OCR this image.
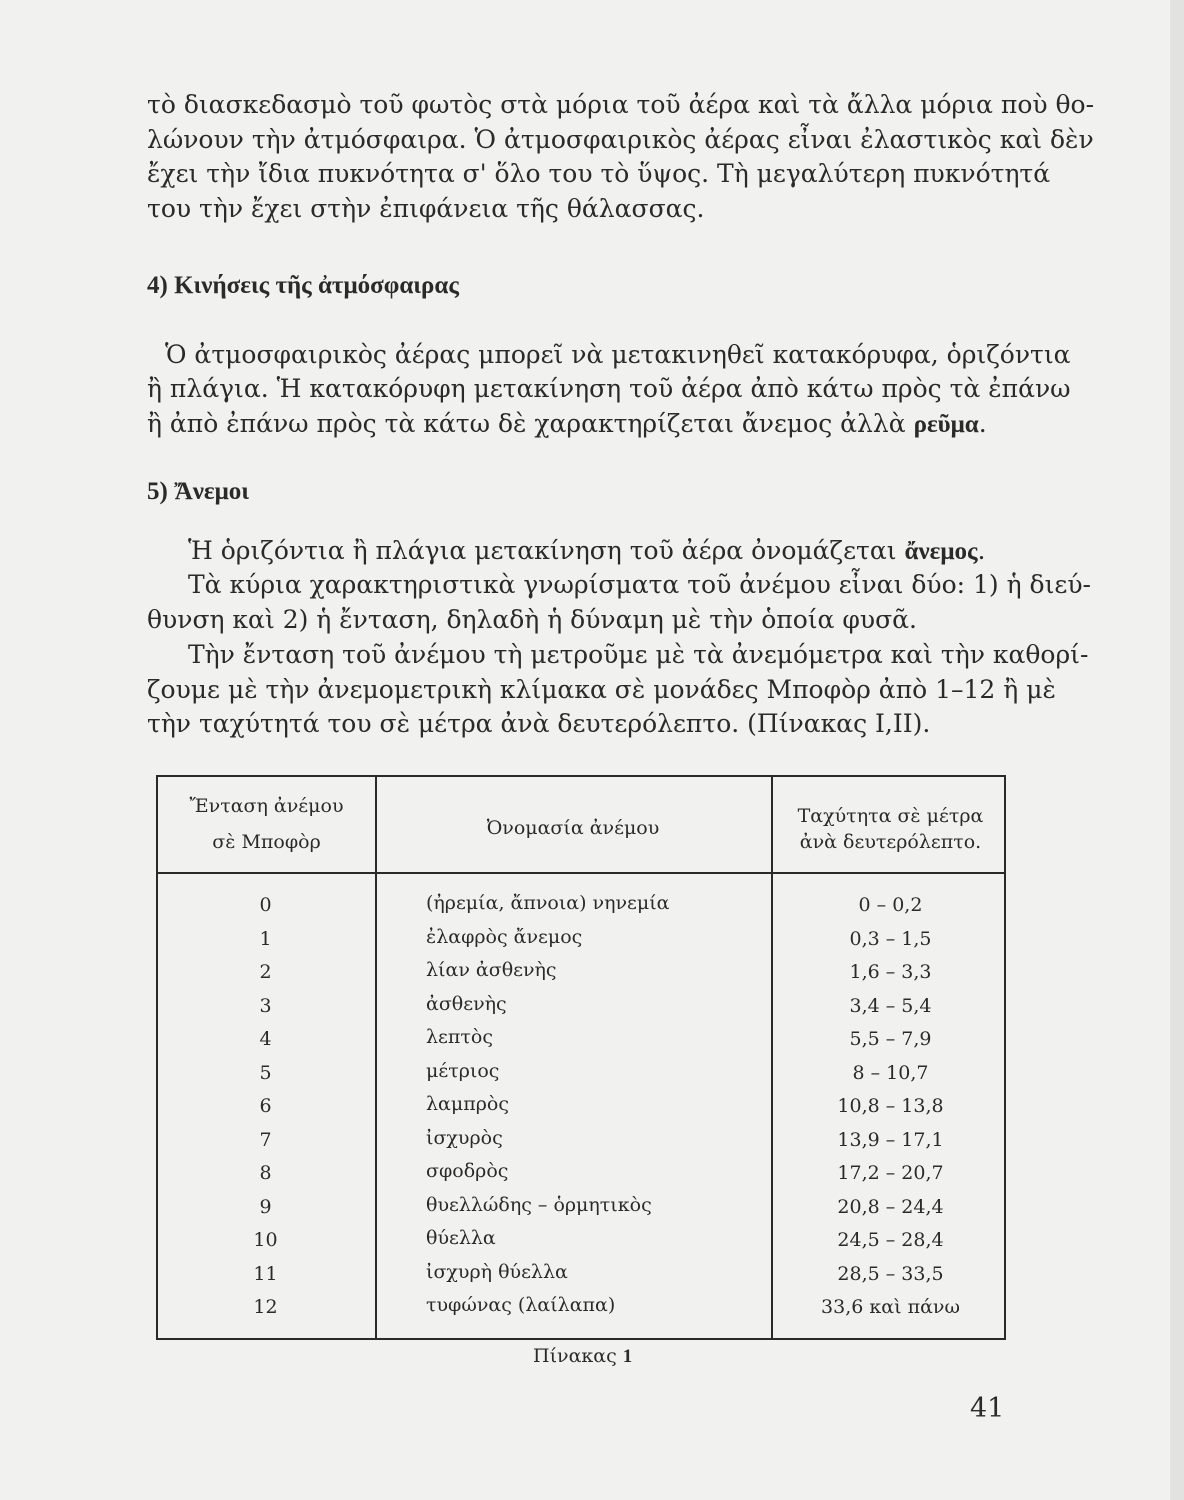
τὸ διασκεδασμὸ τοῦ φωτὸς στὰ μόρια τοῦ ἀέρα καὶ τὰ ἄλλα μόρια ποὺ θο-
λώνουν τὴν ἀτμόσφαιρα. Ὁ ἀτμοσφαιρικὸς ἀέρας εἶναι ἐλαστικὸς καὶ δὲν
ἔχει τὴν ἴδια πυκνότητα σ' ὅλο του τὸ ὕψος. Τὴ μεγαλύτερη πυκνότητά
του τὴν ἔχει στὴν ἐπιφάνεια τῆς θάλασσας.

4) Κινήσεις τῆς ἀτμόσφαιρας

Ὁ ἀτμοσφαιρικὸς ἀέρας μπορεῖ νὰ μετακινηθεῖ κατακόρυφα, ὁριζόντια

ἢ πλάγια. Ἡ κατακόρυφη μετακίνηση τοῦ ἀέρα ἀπὸ κάτω πρὸς τὰ ἐπάνω
ἢ ἀπὸ ἐπάνω πρὸς τὰ κάτω δὲ χαρακτηρίζεται ἄνεμος ἀλλὰ ρεῦμα.

5) Ἄνεμοι

Ἡ ὁριζόντια ἢ πλάγια μετακίνηση τοῦ ἀέρα ὀνομάζεται ἄνεμος.

Τὰ κύρια χαρακτηριστικὰ γνωρίσματα τοῦ ἀνέμου εἶναι δύο: 1) ἡ διεύ-
θυνση καὶ 2) ἡ ἔνταση, δηλαδὴ ἡ δύναμη μὲ τὴν ὁποία φυσᾶ.

Τὴν ἔνταση τοῦ ἀνέμου τὴ μετροῦμε μὲ τὰ ἀνεμόμετρα καὶ τὴν καθορί-
ζουμε μὲ τὴν ἀνεμομετρικὴ κλίμακα σὲ μονάδες Μποφὸρ ἀπὸ 1–12 ἢ μὲ
τὴν ταχύτητά του σὲ μέτρα ἀνὰ δευτερόλεπτο. (Πίνακας Ι,ΙΙ).

Ἔνταση ἀνέμου
σὲ Μποφὸρ
Ὀνομασία ἀνέμου
Ταχύτητα σὲ μέτρα
ἀνὰ δευτερόλεπτο.
0
1
2
3
4
5
6
7
8
9
10
11
12
(ἠρεμία, ἄπνοια) νηνεμία
ἐλαφρὸς ἄνεμος
λίαν ἀσθενὴς
ἀσθενὴς
λεπτὸς
μέτριος
λαμπρὸς
ἰσχυρὸς
σφοδρὸς
θυελλώδης – ὁρμητικὸς
θύελλα
ἰσχυρὴ θύελλα
τυφώνας (λαίλαπα)
0 – 0,2
0,3 – 1,5
1,6 – 3,3
3,4 – 5,4
5,5 – 7,9
8 – 10,7
10,8 – 13,8
13,9 – 17,1
17,2 – 20,7
20,8 – 24,4
24,5 – 28,4
28,5 – 33,5
33,6 καὶ πάνω
Πίνακας 1
41
